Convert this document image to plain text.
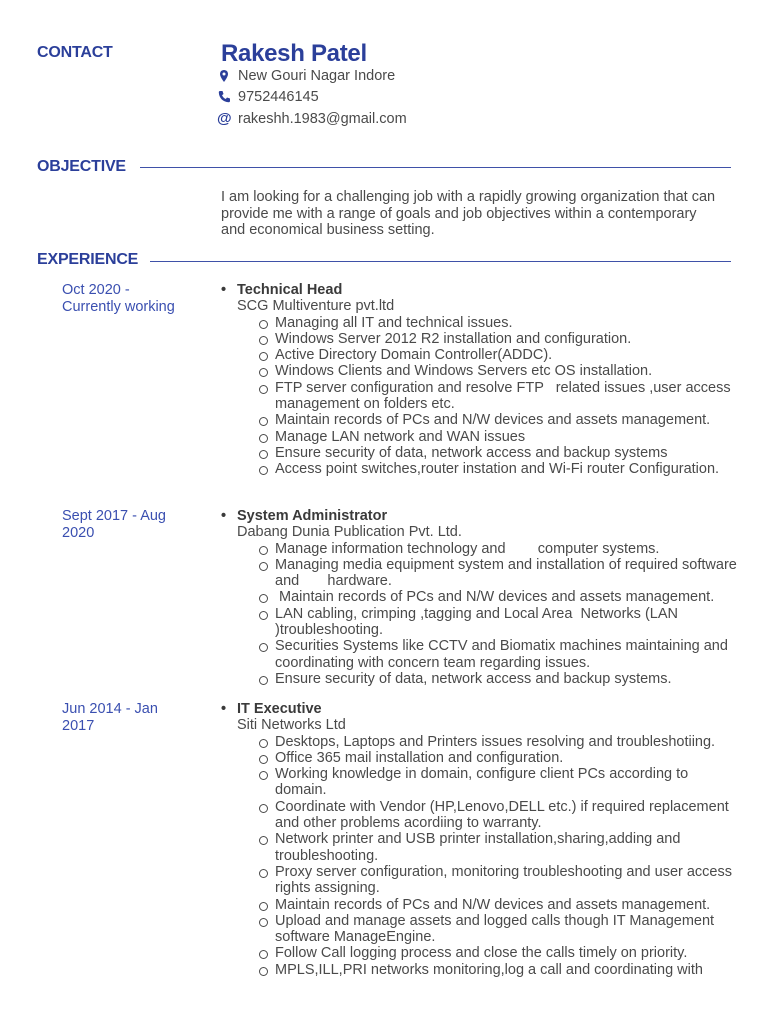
CONTACT	Rakesh Patel
New Gouri Nagar Indore
9752446145
@ rakeshh.1983@gmail.com
OBJECTIVE
I am looking for a challenging job with a rapidly growing organization that can provide me with a range of goals and job objectives within a contemporary and economical business setting.
EXPERIENCE
Oct 2020 - Currently working
• Technical Head
SCG Multiventure pvt.ltd
Managing all IT and technical issues.
Windows Server 2012 R2 installation and configuration.
Active Directory Domain Controller(ADDC).
Windows Clients and Windows Servers etc OS installation.
FTP server configuration and resolve FTP   related issues ,user access management on folders etc.
Maintain records of PCs and N/W devices and assets management.
Manage LAN network and WAN issues
Ensure security of data, network access and backup systems
Access point switches,router instation and Wi-Fi router Configuration.
Sept 2017 - Aug 2020
• System Administrator
Dabang Dunia Publication Pvt. Ltd.
Manage information technology and        computer systems.
Managing media equipment system and installation of required software and       hardware.
Maintain records of PCs and N/W devices and assets management.
LAN cabling, crimping ,tagging and Local Area  Networks (LAN )troubleshooting.
Securities Systems like CCTV and Biomatix machines maintaining and coordinating with concern team regarding issues.
Ensure security of data, network access and backup systems.
Jun 2014 - Jan 2017
• IT Executive
Siti Networks Ltd
Desktops, Laptops and Printers issues resolving and troubleshotiing.
Office 365 mail installation and configuration.
Working knowledge in domain, configure client PCs according to domain.
Coordinate with Vendor (HP,Lenovo,DELL etc.) if required replacement and other problems acordiing to warranty.
Network printer and USB printer installation,sharing,adding and troubleshooting.
Proxy server configuration, monitoring troubleshooting and user access rights assigning.
Maintain records of PCs and N/W devices and assets management.
Upload and manage assets and logged calls though IT Management software ManageEngine.
Follow Call logging process and close the calls timely on priority.
MPLS,ILL,PRI networks monitoring,log a call and coordinating with
